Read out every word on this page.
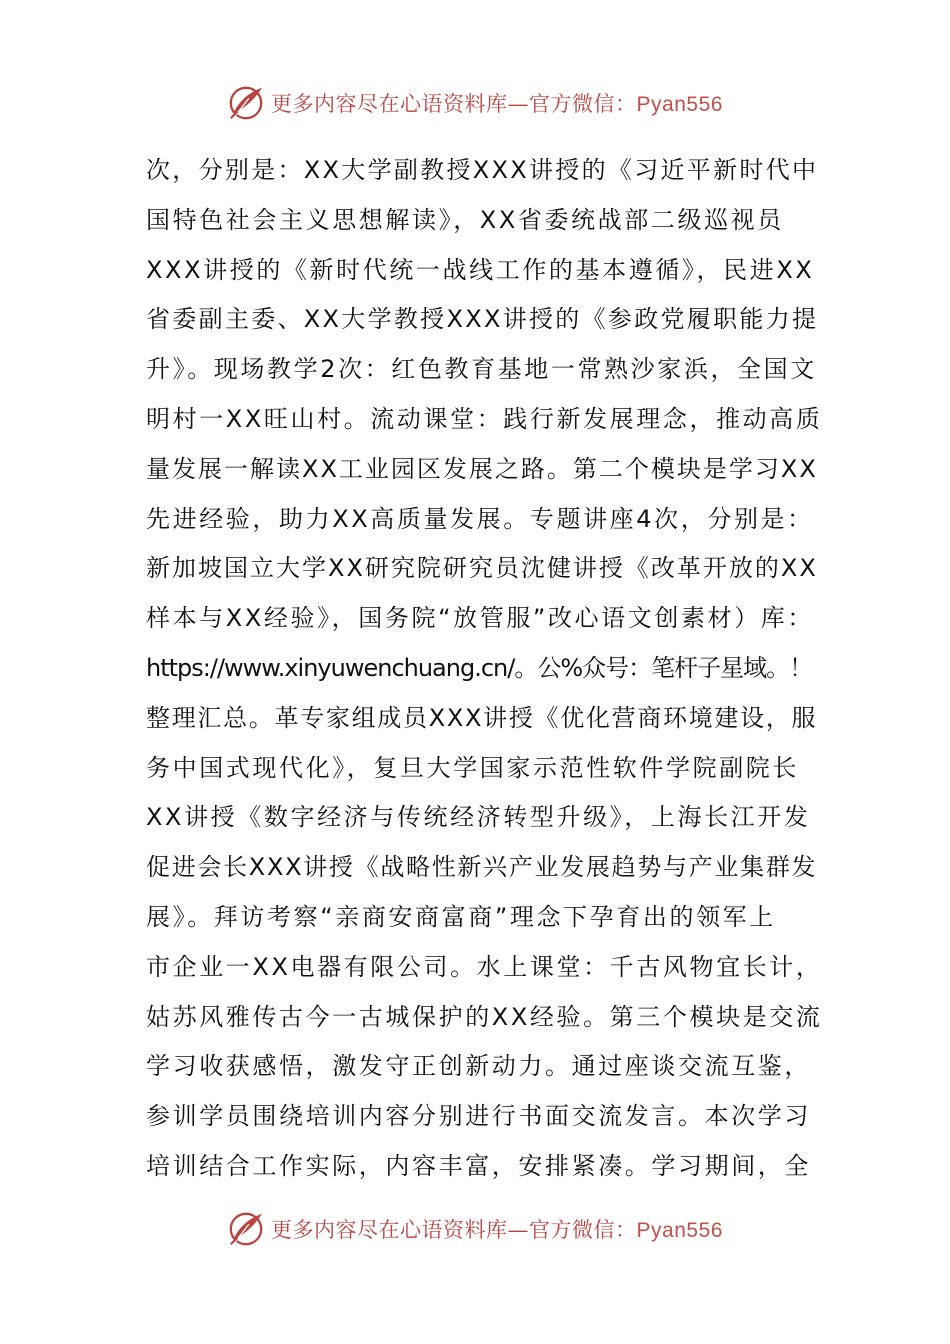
更多内容尽在心语资料库—官方微信：Pyan556
次，分别是：XX大学副教授XXX讲授的《习近平新时代中
国特色社会主义思想解读》，XX省委统战部二级巡视员
XXX讲授的《新时代统一战线工作的基本遵循》，民进XX
省委副主委、XX大学教授XXX讲授的《参政党履职能力提
升》。现场教学2次：红色教育基地一常熟沙家浜，全国文
明村一XX旺山村。流动课堂：践行新发展理念，推动高质
量发展一解读XX工业园区发展之路。第二个模块是学习XX
先进经验，助力XX高质量发展。专题讲座4次，分别是：
新加坡国立大学XX研究院研究员沈健讲授《改革开放的XX
样本与XX经验》，国务院“放管服”改心语文创素材）库：
https://www.xinyuwenchuang.cn/。公%众号：笔杆子星域。！
整理汇总。革专家组成员XXX讲授《优化营商环境建设，服
务中国式现代化》，复旦大学国家示范性软件学院副院长
XX讲授《数字经济与传统经济转型升级》，上海长江开发
促进会长XXX讲授《战略性新兴产业发展趋势与产业集群发
展》。拜访考察“亲商安商富商”理念下孕育出的领军上
市企业一XX电器有限公司。水上课堂：千古风物宜长计，
姑苏风雅传古今一古城保护的XX经验。第三个模块是交流
学习收获感悟，激发守正创新动力。通过座谈交流互鉴，
参训学员围绕培训内容分别进行书面交流发言。本次学习
培训结合工作实际，内容丰富，安排紧凑。学习期间，全
更多内容尽在心语资料库—官方微信：Pyan556
